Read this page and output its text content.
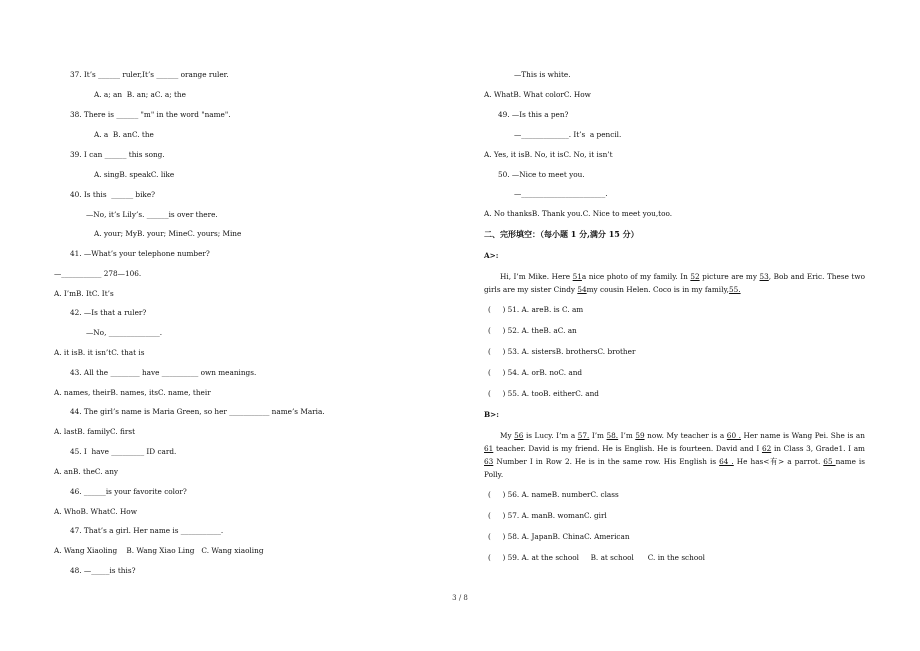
37. It’s ______ ruler,It’s ______ orange ruler.
A. a; an  B. an; aC. a; the
38. There is ______ "m" in the word "name".
A. a  B. anC. the
39. I can ______ this song.
A. singB. speakC. like
40. Is this  ______ bike?
—No, it’s Lily’s. ______is over there.
A. your; MyB. your; MineC. yours; Mine
41. —What’s your telephone number?
—___________ 278—106.
A. I’mB. ItC. It’s
42. —Is that a ruler?
—No, ______________.
A. it isB. it isn’tC. that is
43. All the ________ have __________ own meanings.
A. names, theirB. names, itsC. name, their
44. The girl’s name is Maria Green, so her ___________ name’s Maria.
A. lastB. familyC. first
45. I  have _________ ID card.
A. anB. theC. any
46. ______is your favorite color?
A. WhoB. WhatC. How
47. That’s a girl. Her name is ___________.
A. Wang Xiaoling    B. Wang Xiao Ling   C. Wang xiaoling
48. —_____is this?
—This is white.
A. WhatB. What colorC. How
49. —Is this a pen?
—_____________. It’s  a pencil.
A. Yes, it isB. No, it isC. No, it isn’t
50. —Nice to meet you.
—_______________________.
A. No thanksB. Thank you.C. Nice to meet you,too.
二、完形填空：（每小题 1 分,满分 15 分）
A>:
Hi, I’m Mike. Here 51a nice photo of my family. In 52 picture are my 53, Bob and Eric. These two girls are my sister Cindy 54my cousin Helen. Coco is in my family,55.
(     ) 51. A. areB. is C. am
(     ) 52. A. theB. aC. an
(     ) 53. A. sistersB. brothersC. brother
(     ) 54. A. orB. noC. and
(     ) 55. A. tooB. eitherC. and
B>:
My 56 is Lucy. I’m a 57. I’m 58. I’m 59 now. My teacher is a 60 . Her name is Wang Pei. She is an 61 teacher. David is my friend. He is English. He is fourteen. David and I 62 in Class 3, Grade1. I am 63 Number I in Row 2. He is in the same row. His English is 64 . He has<有> a parrot. 65 name is Polly.
(     ) 56. A. nameB. numberC. class
(     ) 57. A. manB. womanC. girl
(     ) 58. A. JapanB. ChinaC. American
(     ) 59. A. at the school     B. at school      C. in the school
3 / 8
